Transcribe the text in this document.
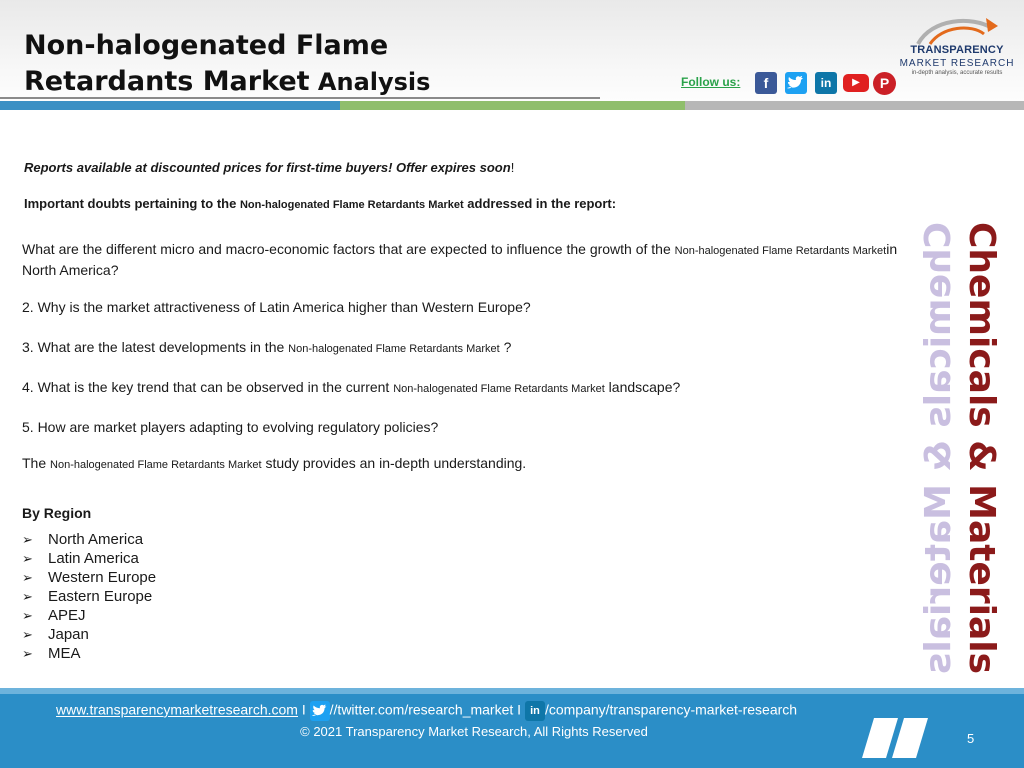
Non-halogenated Flame
Retardants Market Analysis	Follow us:	f	in	▶	P
TRANSPARENCY
MARKET RESEARCH
in-depth analysis, accurate results
Reports available at discounted prices for first-time buyers! Offer expires soon!
Important doubts pertaining to the Non-halogenated Flame Retardants Market addressed in the report:
What are the different micro and macro-economic factors that are expected to influence the growth of the Non-halogenated Flame Retardants Marketin North America?
2. Why is the market attractiveness of Latin America higher than Western Europe?
3. What are the latest developments in the Non-halogenated Flame Retardants Market ?
4. What is the key trend that can be observed in the current Non-halogenated Flame Retardants Market landscape?
5. How are market players adapting to evolving regulatory policies?
The Non-halogenated Flame Retardants Market study provides an in-depth understanding.
By Region
➢	North America
➢	Latin America
➢	Western Europe
➢	Eastern Europe
➢	APEJ
➢	Japan
➢	MEA	Chemicals & Materials Chemicals & Materials
www.transparencymarketresearch.com I //twitter.com/research_market I in /company/transparency-market-research
© 2021 Transparency Market Research, All Rights Reserved	5
